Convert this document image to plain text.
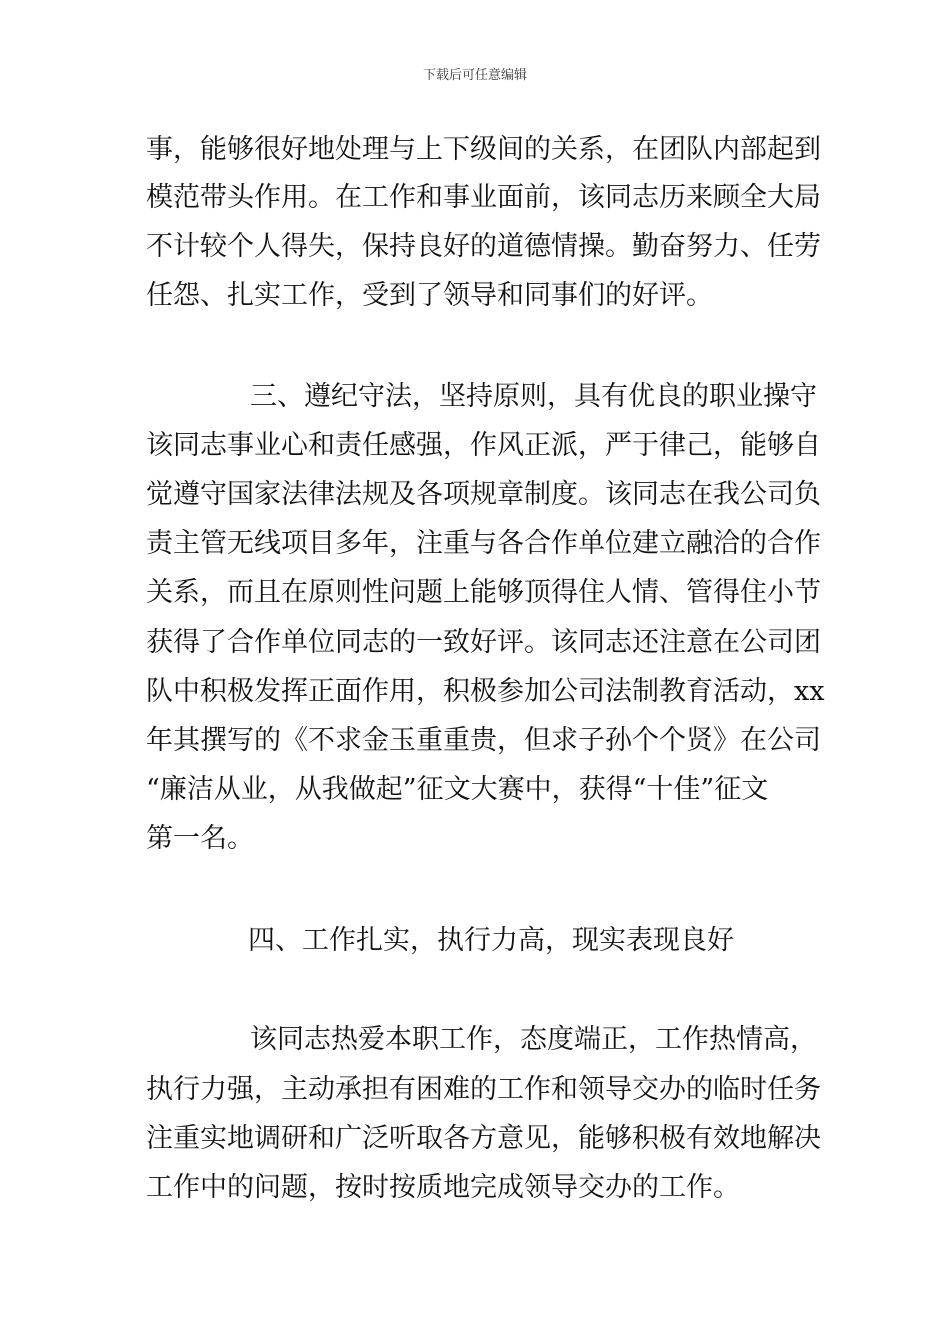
下载后可任意编辑
事，能够很好地处理与上下级间的关系，在团队内部起到
模范带头作用。在工作和事业面前，该同志历来顾全大局
不计较个人得失，保持良好的道德情操。勤奋努力、任劳
任怨、扎实工作，受到了领导和同事们的好评。
三、遵纪守法，坚持原则，具有优良的职业操守
该同志事业心和责任感强，作风正派，严于律己，能够自
觉遵守国家法律法规及各项规章制度。该同志在我公司负
责主管无线项目多年，注重与各合作单位建立融洽的合作
关系，而且在原则性问题上能够顶得住人情、管得住小节
获得了合作单位同志的一致好评。该同志还注意在公司团
队中积极发挥正面作用，积极参加公司法制教育活动，xx
年其撰写的《不求金玉重重贵，但求子孙个个贤》在公司
“廉洁从业，从我做起”征文大赛中，获得“十佳”征文
第一名。
四、工作扎实，执行力高，现实表现良好
该同志热爱本职工作，态度端正，工作热情高，
执行力强，主动承担有困难的工作和领导交办的临时任务
注重实地调研和广泛听取各方意见，能够积极有效地解决
工作中的问题，按时按质地完成领导交办的工作。
